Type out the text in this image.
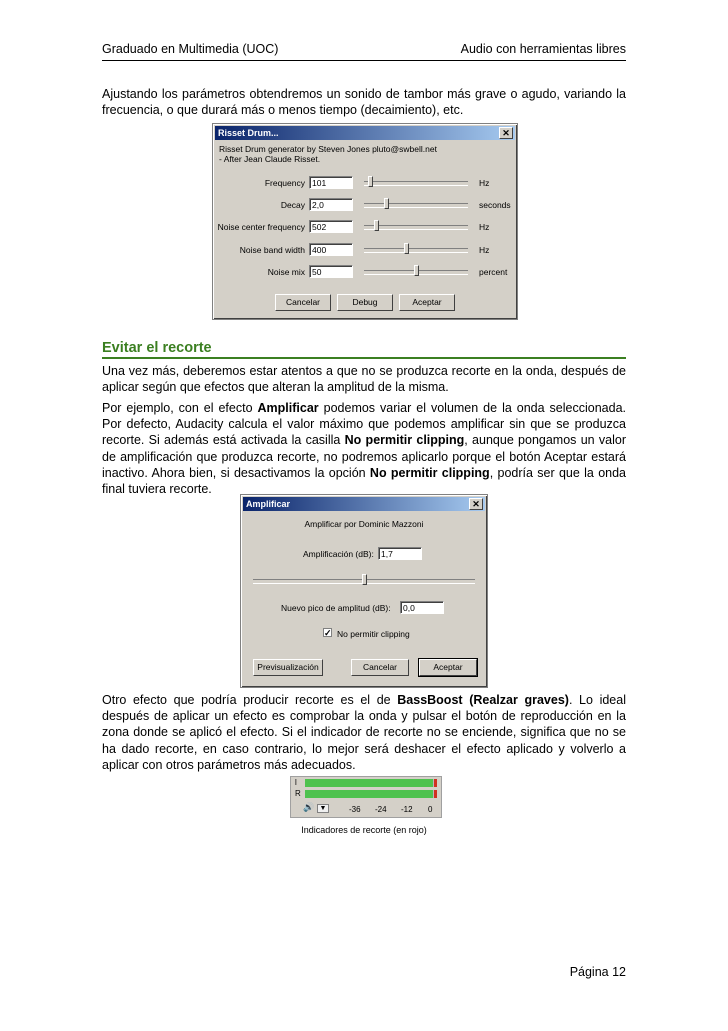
Graduado en Multimedia (UOC)	Audio con herramientas libres
Ajustando los parámetros obtendremos un sonido de tambor más grave o agudo, variando la frecuencia, o que durará más o menos tiempo (decaimiento), etc.
Risset Drum...	✕
Risset Drum generator by Steven Jones pluto@swbell.net
- After Jean Claude Risset.
Frequency 101	Hz
Decay 2,0	seconds
Noise center frequency 502	Hz
Noise band width 400	Hz
Noise mix 50	percent
Cancelar	Debug	Aceptar
Evitar el recorte
Una vez más, deberemos estar atentos a que no se produzca recorte en la onda, después de aplicar según que efectos que alteran la amplitud de la misma.
Por ejemplo, con el efecto Amplificar podemos variar el volumen de la onda seleccionada. Por defecto, Audacity calcula el valor máximo que podemos amplificar sin que se produzca recorte. Si además está activada la casilla No permitir clipping, aunque pongamos un valor de amplificación que produzca recorte, no podremos aplicarlo porque el botón Aceptar estará inactivo. Ahora bien, si desactivamos la opción No permitir clipping, podría ser que la onda final tuviera recorte.
Amplificar	✕
Amplificar por Dominic Mazzoni
Amplificación (dB): 1,7
Nuevo pico de amplitud (dB):	0,0
✓ No permitir clipping
Previsualización	Cancelar	Aceptar
Otro efecto que podría producir recorte es el de BassBoost (Realzar graves). Lo ideal después de aplicar un efecto es comprobar la onda y pulsar el botón de reproducción en la zona donde se aplicó el efecto. Si el indicador de recorte no se enciende, significa que no se ha dado recorte, en caso contrario, lo mejor será deshacer el efecto aplicado y volverlo a aplicar con otros parámetros más adecuados.
l
R
🔊 ▼	-36 -24 -12 0
Indicadores de recorte (en rojo)
Página 12
